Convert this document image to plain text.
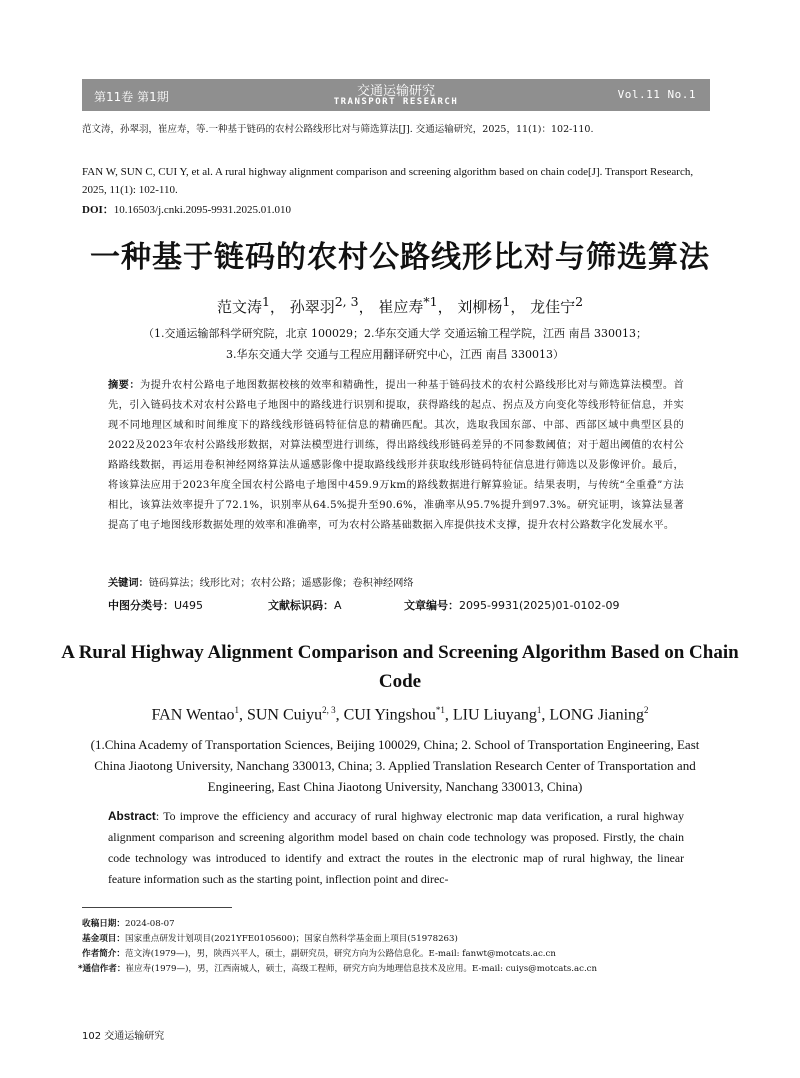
第11卷 第1期	交通运输研究
TRANSPORT RESEARCH
Vol.11 No.1
范文涛，孙翠羽，崔应寿，等.一种基于链码的农村公路线形比对与筛选算法[J]. 交通运输研究，2025，11(1)：102-110.
FAN W, SUN C, CUI Y, et al. A rural highway alignment comparison and screening algorithm based on chain code[J]. Transport Research, 2025, 11(1): 102-110.
DOI：10.16503/j.cnki.2095-9931.2025.01.010
一种基于链码的农村公路线形比对与筛选算法
范文涛$^1$， 孙翠羽$^{2, 3}$， 崔应寿$^{*1}$， 刘柳杨$^1$， 龙佳宁$^2$
（1.交通运输部科学研究院，北京 100029；2.华东交通大学 交通运输工程学院，江西 南昌 330013；
3.华东交通大学 交通与工程应用翻译研究中心，江西 南昌 330013）
摘要：为提升农村公路电子地图数据校核的效率和精确性，提出一种基于链码技术的农村公路线形比对与筛选算法模型。首先，引入链码技术对农村公路电子地图中的路线进行识别和提取，获得路线的起点、拐点及方向变化等线形特征信息，并实现不同地理区域和时间维度下的路线线形链码特征信息的精确匹配。其次，选取我国东部、中部、西部区域中典型区县的2022及2023年农村公路线形数据，对算法模型进行训练，得出路线线形链码差异的不同参数阈值；对于超出阈值的农村公路路线数据，再运用卷积神经网络算法从遥感影像中提取路线线形并获取线形链码特征信息进行筛选以及影像评价。最后，将该算法应用于2023年度全国农村公路电子地图中459.9万km的路线数据进行解算验证。结果表明，与传统“全重叠”方法相比，该算法效率提升了72.1%，识别率从64.5%提升至90.6%，准确率从95.7%提升到97.3%。研究证明，该算法显著提高了电子地图线形数据处理的效率和准确率，可为农村公路基础数据入库提供技术支撑，提升农村公路数字化发展水平。
关键词：链码算法；线形比对；农村公路；遥感影像；卷积神经网络
中图分类号：U495	文献标识码：A	文章编号：2095-9931(2025)01-0102-09
A Rural Highway Alignment Comparison and Screening Algorithm Based on Chain Code
FAN Wentao$^1$, SUN Cuiyu$^{2, 3}$, CUI Yingshou$^{*1}$, LIU Liuyang$^1$, LONG Jianing$^2$
(1.China Academy of Transportation Sciences, Beijing 100029, China; 2. School of Transportation Engineering, East China Jiaotong University, Nanchang 330013, China; 3. Applied Translation Research Center of Transportation and Engineering, East China Jiaotong University, Nanchang 330013, China)
Abstract: To improve the efficiency and accuracy of rural highway electronic map data verification, a rural highway alignment comparison and screening algorithm model based on chain code technology was proposed. Firstly, the chain code technology was introduced to identify and extract the routes in the electronic map of rural highway, the linear feature information such as the starting point, inflection point and direc-
收稿日期：2024-08-07
基金项目：国家重点研发计划项目(2021YFE0105600)；国家自然科学基金面上项目(51978263)
作者简介：范文涛(1979—)，男，陕西兴平人，硕士，副研究员，研究方向为公路信息化。E-mail: fanwt@motcats.ac.cn
*通信作者：崔应寿(1979—)，男，江西南城人，硕士，高级工程师，研究方向为地理信息技术及应用。E-mail: cuiys@motcats.ac.cn
102 交通运输研究
